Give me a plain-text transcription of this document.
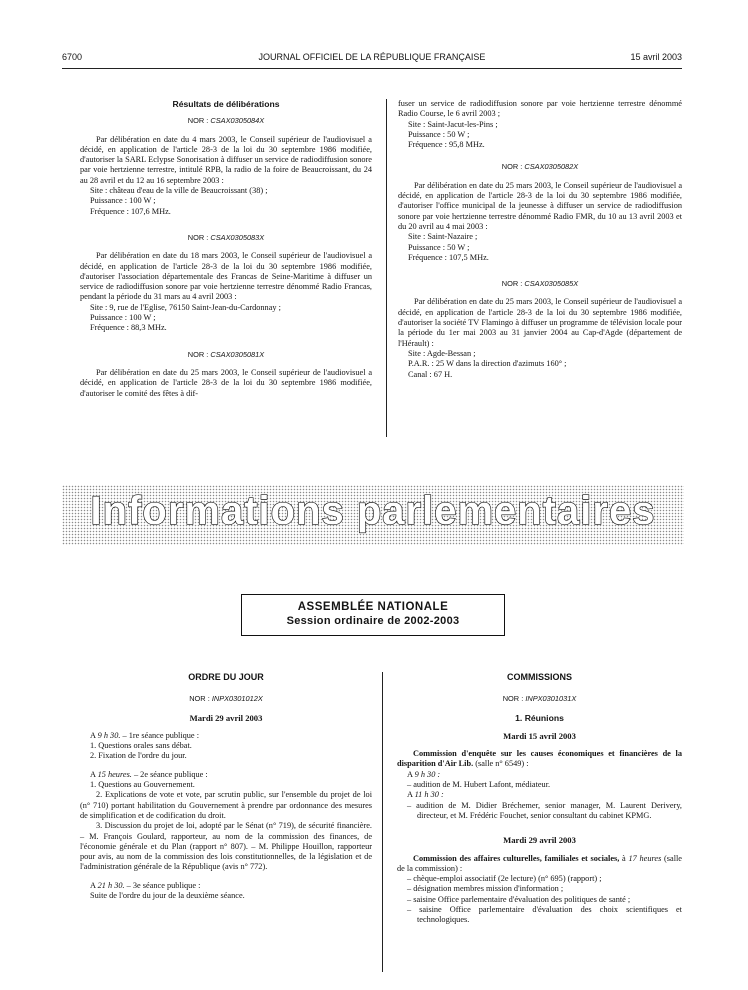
6700	JOURNAL OFFICIEL DE LA RÉPUBLIQUE FRANÇAISE	15 avril 2003

Résultats de délibérations

NOR : CSAX0305084X

Par délibération en date du 4 mars 2003, le Conseil supérieur de l'audiovisuel a décidé, en application de l'article 28-3 de la loi du 30 septembre 1986 modifiée, d'autoriser la SARL Eclypse Sonorisation à diffuser un service de radiodiffusion sonore par voie hertzienne terrestre, intitulé RPB, la radio de la foire de Beaucroissant, du 24 au 28 avril et du 12 au 16 septembre 2003 :

Site : château d'eau de la ville de Beaucroissant (38) ;

Puissance : 100 W ;

Fréquence : 107,6 MHz.

NOR : CSAX0305083X

Par délibération en date du 18 mars 2003, le Conseil supérieur de l'audiovisuel a décidé, en application de l'article 28-3 de la loi du 30 septembre 1986 modifiée, d'autoriser l'association départementale des Francas de Seine-Maritime à diffuser un service de radiodiffusion sonore par voie hertzienne terrestre dénommé Radio Francas, pendant la période du 31 mars au 4 avril 2003 :

Site : 9, rue de l'Eglise, 76150 Saint-Jean-du-Cardonnay ;

Puissance : 100 W ;

Fréquence : 88,3 MHz.

NOR : CSAX0305081X

Par délibération en date du 25 mars 2003, le Conseil supérieur de l'audiovisuel a décidé, en application de l'article 28-3 de la loi du 30 septembre 1986 modifiée, d'autoriser le comité des fêtes à dif-

fuser un service de radiodiffusion sonore par voie hertzienne terrestre dénommé Radio Course, le 6 avril 2003 ;

Site : Saint-Jacut-les-Pins ;

Puissance : 50 W ;

Fréquence : 95,8 MHz.

NOR : CSAX0305082X

Par délibération en date du 25 mars 2003, le Conseil supérieur de l'audiovisuel a décidé, en application de l'article 28-3 de la loi du 30 septembre 1986 modifiée, d'autoriser l'office municipal de la jeunesse à diffuser un service de radiodiffusion sonore par voie hertzienne terrestre dénommé Radio FMR, du 10 au 13 avril 2003 et du 20 avril au 4 mai 2003 :

Site : Saint-Nazaire ;

Puissance : 50 W ;

Fréquence : 107,5 MHz.

NOR : CSAX0305085X

Par délibération en date du 25 mars 2003, le Conseil supérieur de l'audiovisuel a décidé, en application de l'article 28-3 de la loi du 30 septembre 1986 modifiée, d'autoriser la société TV Flamingo à diffuser un programme de télévision locale pour la période du 1er mai 2003 au 31 janvier 2004 au Cap-d'Agde (département de l'Hérault) :

Site : Agde-Bessan ;

P.A.R. : 25 W dans la direction d'azimuts 160° ;

Canal : 67 H.

Informations parlementaires
ASSEMBLÉE NATIONALE
Session ordinaire de 2002-2003

ORDRE DU JOUR

NOR : INPX0301012X

Mardi 29 avril 2003

A 9 h 30. – 1re séance publique :

1. Questions orales sans débat.

2. Fixation de l'ordre du jour.

A 15 heures. – 2e séance publique :

1. Questions au Gouvernement.

2. Explications de vote et vote, par scrutin public, sur l'ensemble du projet de loi (n° 710) portant habilitation du Gouvernement à prendre par ordonnance des mesures de simplification et de codification du droit.

3. Discussion du projet de loi, adopté par le Sénat (n° 719), de sécurité financière. – M. François Goulard, rapporteur, au nom de la commission des finances, de l'économie générale et du Plan (rapport n° 807). – M. Philippe Houillon, rapporteur pour avis, au nom de la commission des lois constitutionnelles, de la législation et de l'administration générale de la République (avis n° 772).

A 21 h 30. – 3e séance publique :

Suite de l'ordre du jour de la deuxième séance.

COMMISSIONS

NOR : INPX0301031X

1. Réunions

Mardi 15 avril 2003

Commission d'enquête sur les causes économiques et financières de la disparition d'Air Lib. (salle n° 6549) :

A 9 h 30 :

– audition de M. Hubert Lafont, médiateur.

A 11 h 30 :

– audition de M. Didier Bréchemer, senior manager, M. Laurent Derivery, directeur, et M. Frédéric Fouchet, senior consultant du cabinet KPMG.

Mardi 29 avril 2003

Commission des affaires culturelles, familiales et sociales, à 17 heures (salle de la commission) :

– chèque-emploi associatif (2e lecture) (n° 695) (rapport) ;

– désignation membres mission d'information ;

– saisine Office parlementaire d'évaluation des politiques de santé ;

– saisine Office parlementaire d'évaluation des choix scientifiques et technologiques.
